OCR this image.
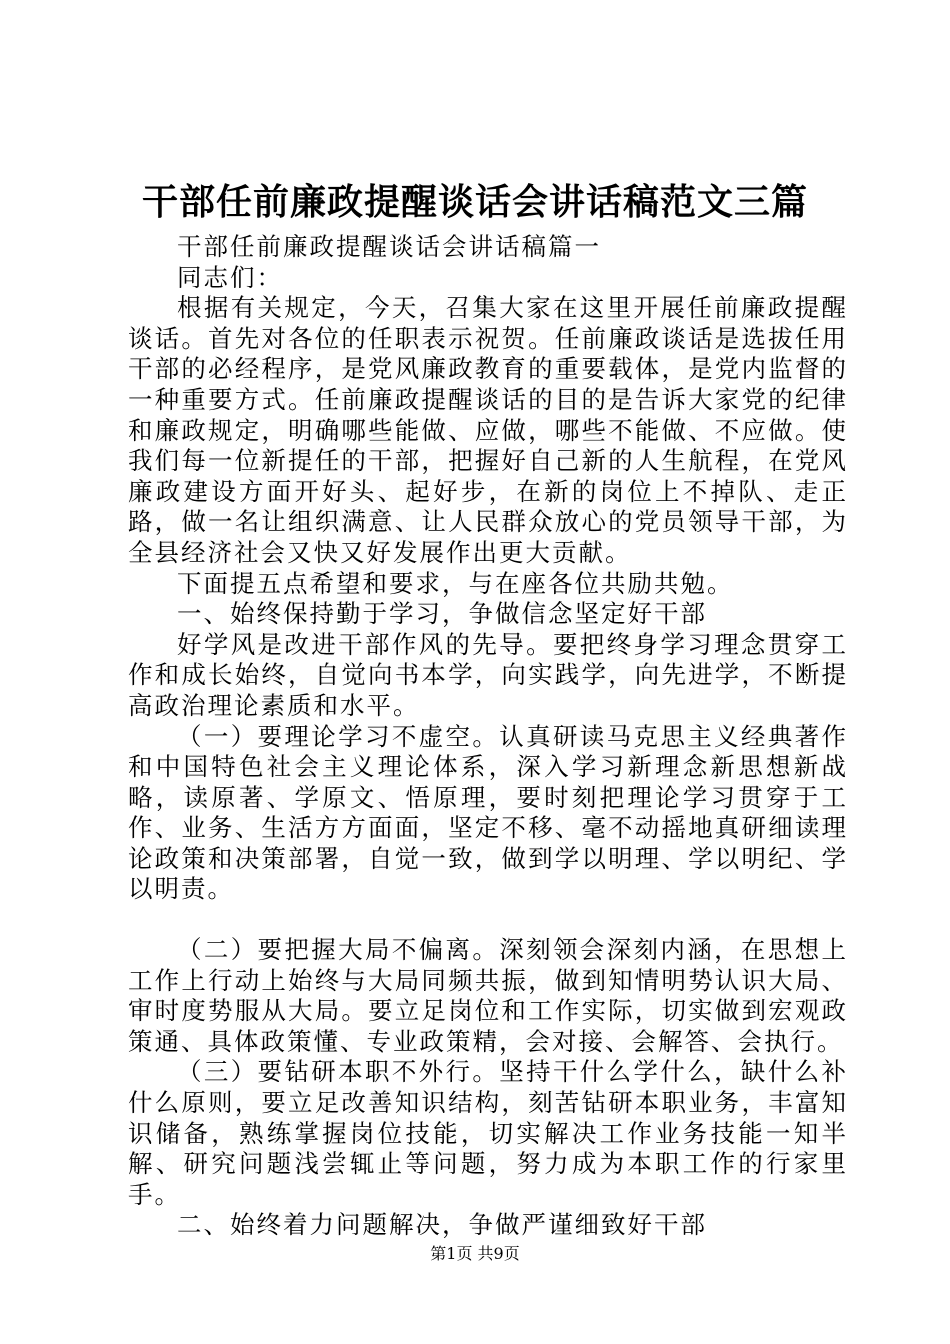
干部任前廉政提醒谈话会讲话稿范文三篇

干部任前廉政提醒谈话会讲话稿篇一

同志们：

根据有关规定，今天，召集大家在这里开展任前廉政提醒谈话。首先对各位的任职表示祝贺。任前廉政谈话是选拔任用干部的必经程序，是党风廉政教育的重要载体，是党内监督的一种重要方式。任前廉政提醒谈话的目的是告诉大家党的纪律和廉政规定，明确哪些能做、应做，哪些不能做、不应做。使我们每一位新提任的干部，把握好自己新的人生航程，在党风廉政建设方面开好头、起好步，在新的岗位上不掉队、走正路，做一名让组织满意、让人民群众放心的党员领导干部，为全县经济社会又快又好发展作出更大贡献。

下面提五点希望和要求，与在座各位共励共勉。

一、始终保持勤于学习，争做信念坚定好干部

好学风是改进干部作风的先导。要把终身学习理念贯穿工作和成长始终，自觉向书本学，向实践学，向先进学，不断提高政治理论素质和水平。

（一）要理论学习不虚空。认真研读马克思主义经典著作和中国特色社会主义理论体系，深入学习新理念新思想新战略，读原著、学原文、悟原理，要时刻把理论学习贯穿于工作、业务、生活方方面面，坚定不移、毫不动摇地真研细读理论政策和决策部署，自觉一致，做到学以明理、学以明纪、学以明责。

（二）要把握大局不偏离。深刻领会深刻内涵，在思想上工作上行动上始终与大局同频共振，做到知情明势认识大局、审时度势服从大局。要立足岗位和工作实际，切实做到宏观政策通、具体政策懂、专业政策精，会对接、会解答、会执行。

（三）要钻研本职不外行。坚持干什么学什么，缺什么补什么原则，要立足改善知识结构，刻苦钻研本职业务，丰富知识储备，熟练掌握岗位技能，切实解决工作业务技能一知半解、研究问题浅尝辄止等问题，努力成为本职工作的行家里手。

二、始终着力问题解决，争做严谨细致好干部

第1页 共9页
